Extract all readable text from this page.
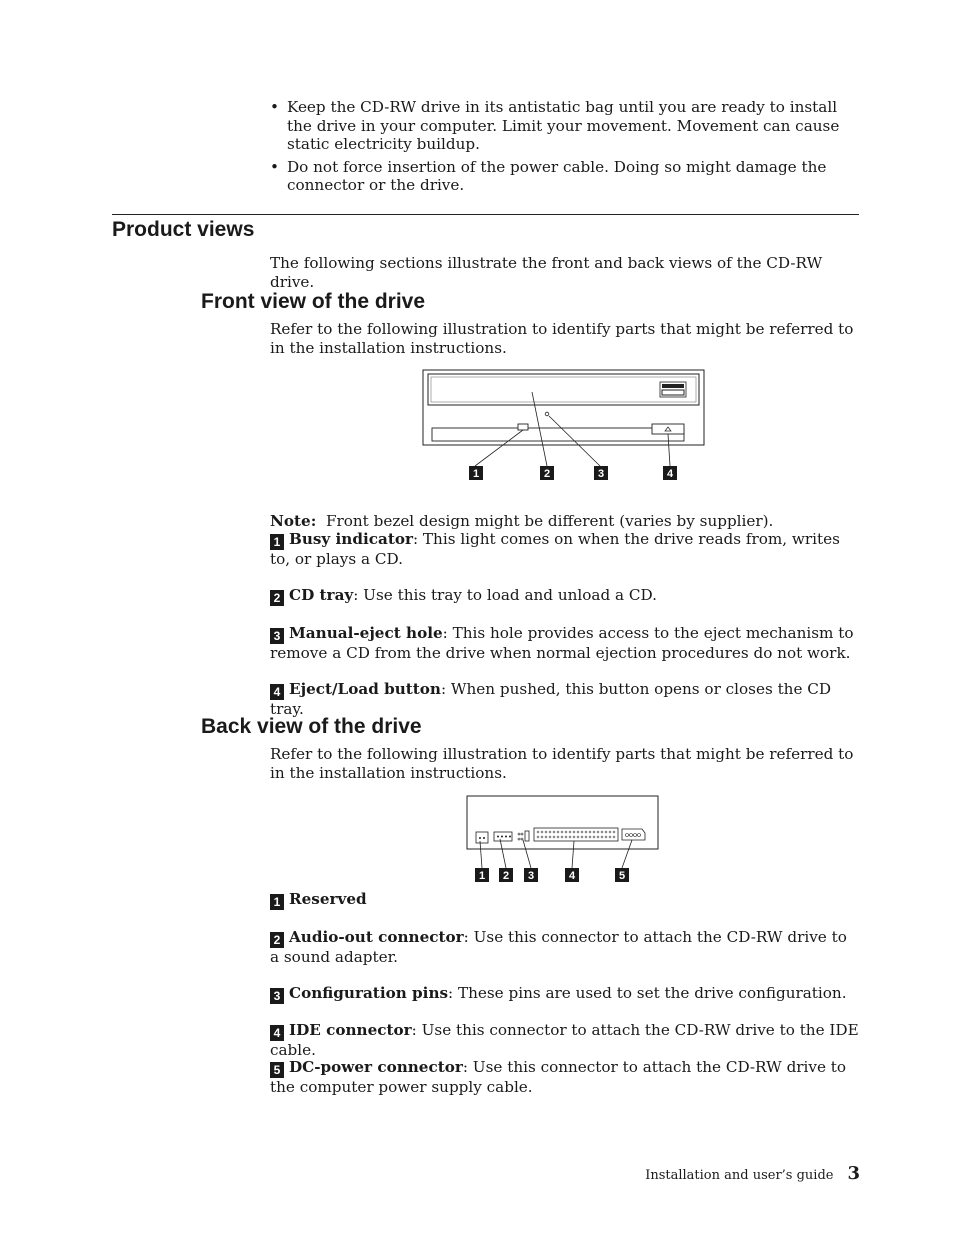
• Keep the CD-RW drive in its antistatic bag until you are ready to install the drive in your computer. Limit your movement. Movement can cause static electricity buildup.
• Do not force insertion of the power cable. Doing so might damage the connector or the drive.
Product views
The following sections illustrate the front and back views of the CD-RW drive.
Front view of the drive
Refer to the following illustration to identify parts that might be referred to in the installation instructions.
1	2	3	4
Note: Front bezel design might be different (varies by supplier).
1 Busy indicator: This light comes on when the drive reads from, writes to, or plays a CD.
2 CD tray: Use this tray to load and unload a CD.
3 Manual-eject hole: This hole provides access to the eject mechanism to remove a CD from the drive when normal ejection procedures do not work.
4 Eject/Load button: When pushed, this button opens or closes the CD tray.
Back view of the drive
Refer to the following illustration to identify parts that might be referred to in the installation instructions.
1 2 3	4	5
1 Reserved
2 Audio-out connector: Use this connector to attach the CD-RW drive to a sound adapter.
3 Configuration pins: These pins are used to set the drive configuration.
4 IDE connector: Use this connector to attach the CD-RW drive to the IDE cable.
5 DC-power connector: Use this connector to attach the CD-RW drive to the computer power supply cable.
Installation and user’s guide 3
